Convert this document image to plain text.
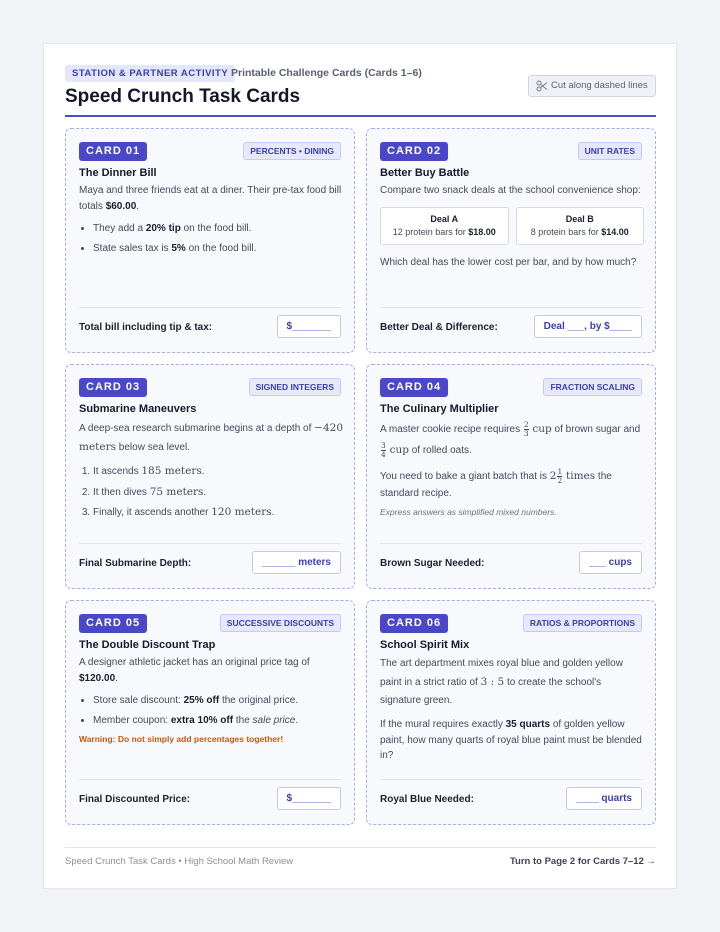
STATION & PARTNER ACTIVITY Printable Challenge Cards (Cards 1–6)
Speed Crunch Task Cards
Cut along dashed lines
CARD 01	PERCENTS • DINING
The Dinner Bill

Maya and three friends eat at a diner. Their pre-tax food bill totals $60.00.

• They add a 20% tip on the food bill.
• State sales tax is 5% on the food bill.
Total bill including tip & tax:	$_______
CARD 02	UNIT RATES
Better Buy Battle
Compare two snack deals at the school convenience shop:
Deal A
12 protein bars for $18.00
Deal B
8 protein bars for $14.00
Which deal has the lower cost per bar, and by how much?
Better Deal & Difference:	Deal ___, by $____
CARD 03	SIGNED INTEGERS
Submarine Maneuvers

A deep-sea research submarine begins at a depth of −420 meters below sea level.

1. It ascends 185 meters.
2. It then dives 75 meters.
3. Finally, it ascends another 120 meters.
Final Submarine Depth:	______ meters
CARD 04	FRACTION SCALING
The Culinary Multiplier

A master cookie recipe requires $\frac{2}{3}$ cup of brown sugar and
$\frac{3}{4}$ cup of rolled oats.

You need to bake a giant batch that is $2 \frac{1}{2}$ times the standard recipe.

Express answers as simplified mixed numbers.
Brown Sugar Needed:	___ cups
CARD 05	SUCCESSIVE DISCOUNTS
The Double Discount Trap

A designer athletic jacket has an original price tag of $120.00.

• Store sale discount: 25% off the original price.
• Member coupon: extra 10% off the sale price.
Warning: Do not simply add percentages together!
Final Discounted Price:	$_______
CARD 06	RATIOS & PROPORTIONS
School Spirit Mix

The art department mixes royal blue and golden yellow paint in a strict ratio of 3 : 5 to create the school's signature green.

If the mural requires exactly 35 quarts of golden yellow paint, how many quarts of royal blue paint must be blended in?

Royal Blue Needed:	____ quarts
Speed Crunch Task Cards • High School Math Review	Turn to Page 2 for Cards 7–12 →
